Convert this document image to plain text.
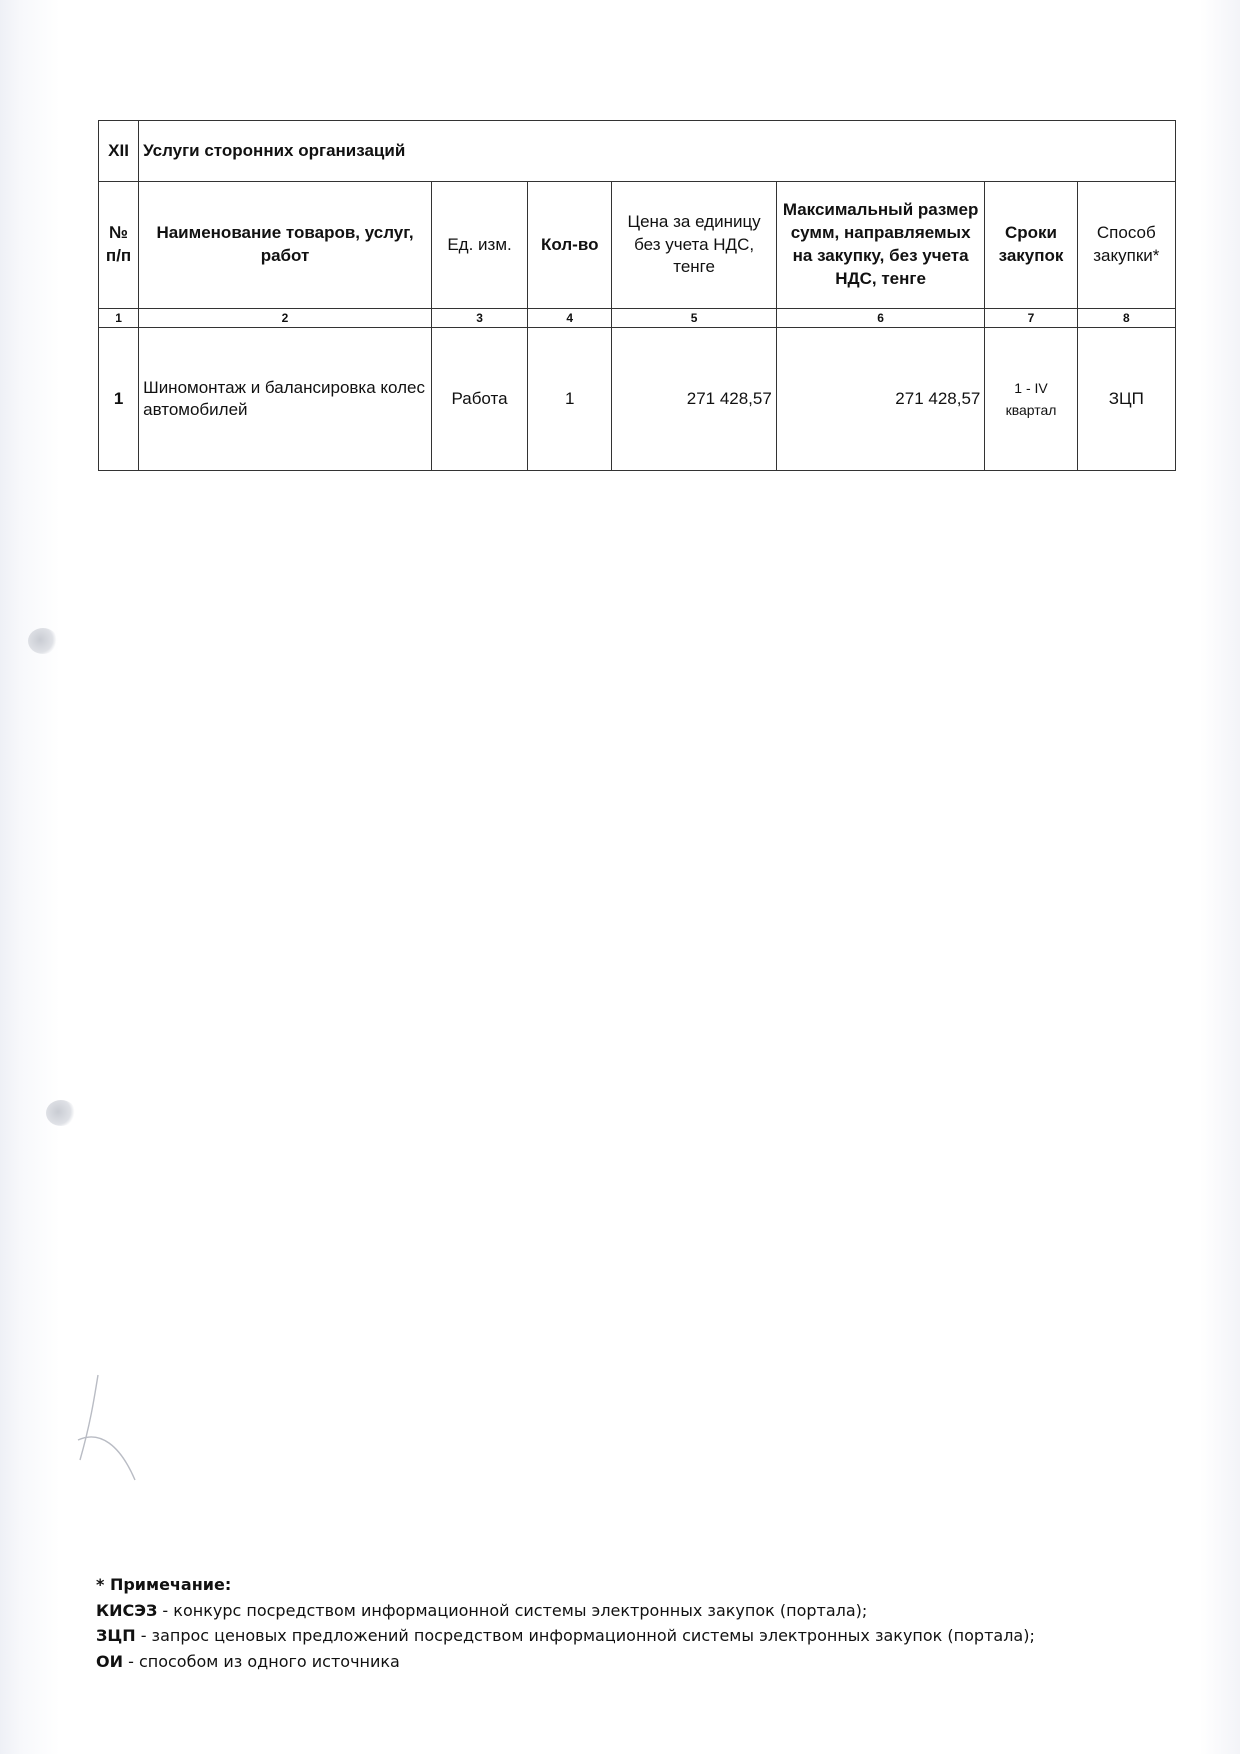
XII	Услуги сторонних организаций						
№ п/п	Наименование товаров, услуг, работ	Ед. изм.	Кол-во	Цена за единицу без учета НДС, тенге	Максимальный размер сумм, направляемых на закупку, без учета НДС, тенге	Сроки закупок	Способ закупки*
1	2	3	4	5	6	7	8
1	Шиномонтаж и балансировка колес автомобилей	Работа	1	271 428,57	271 428,57	1 - IV квартал	ЗЦП
* Примечание:
КИСЭЗ - конкурс посредством информационной системы электронных закупок (портала);
ЗЦП - запрос ценовых предложений посредством информационной системы электронных закупок (портала);
ОИ - способом из одного источника
